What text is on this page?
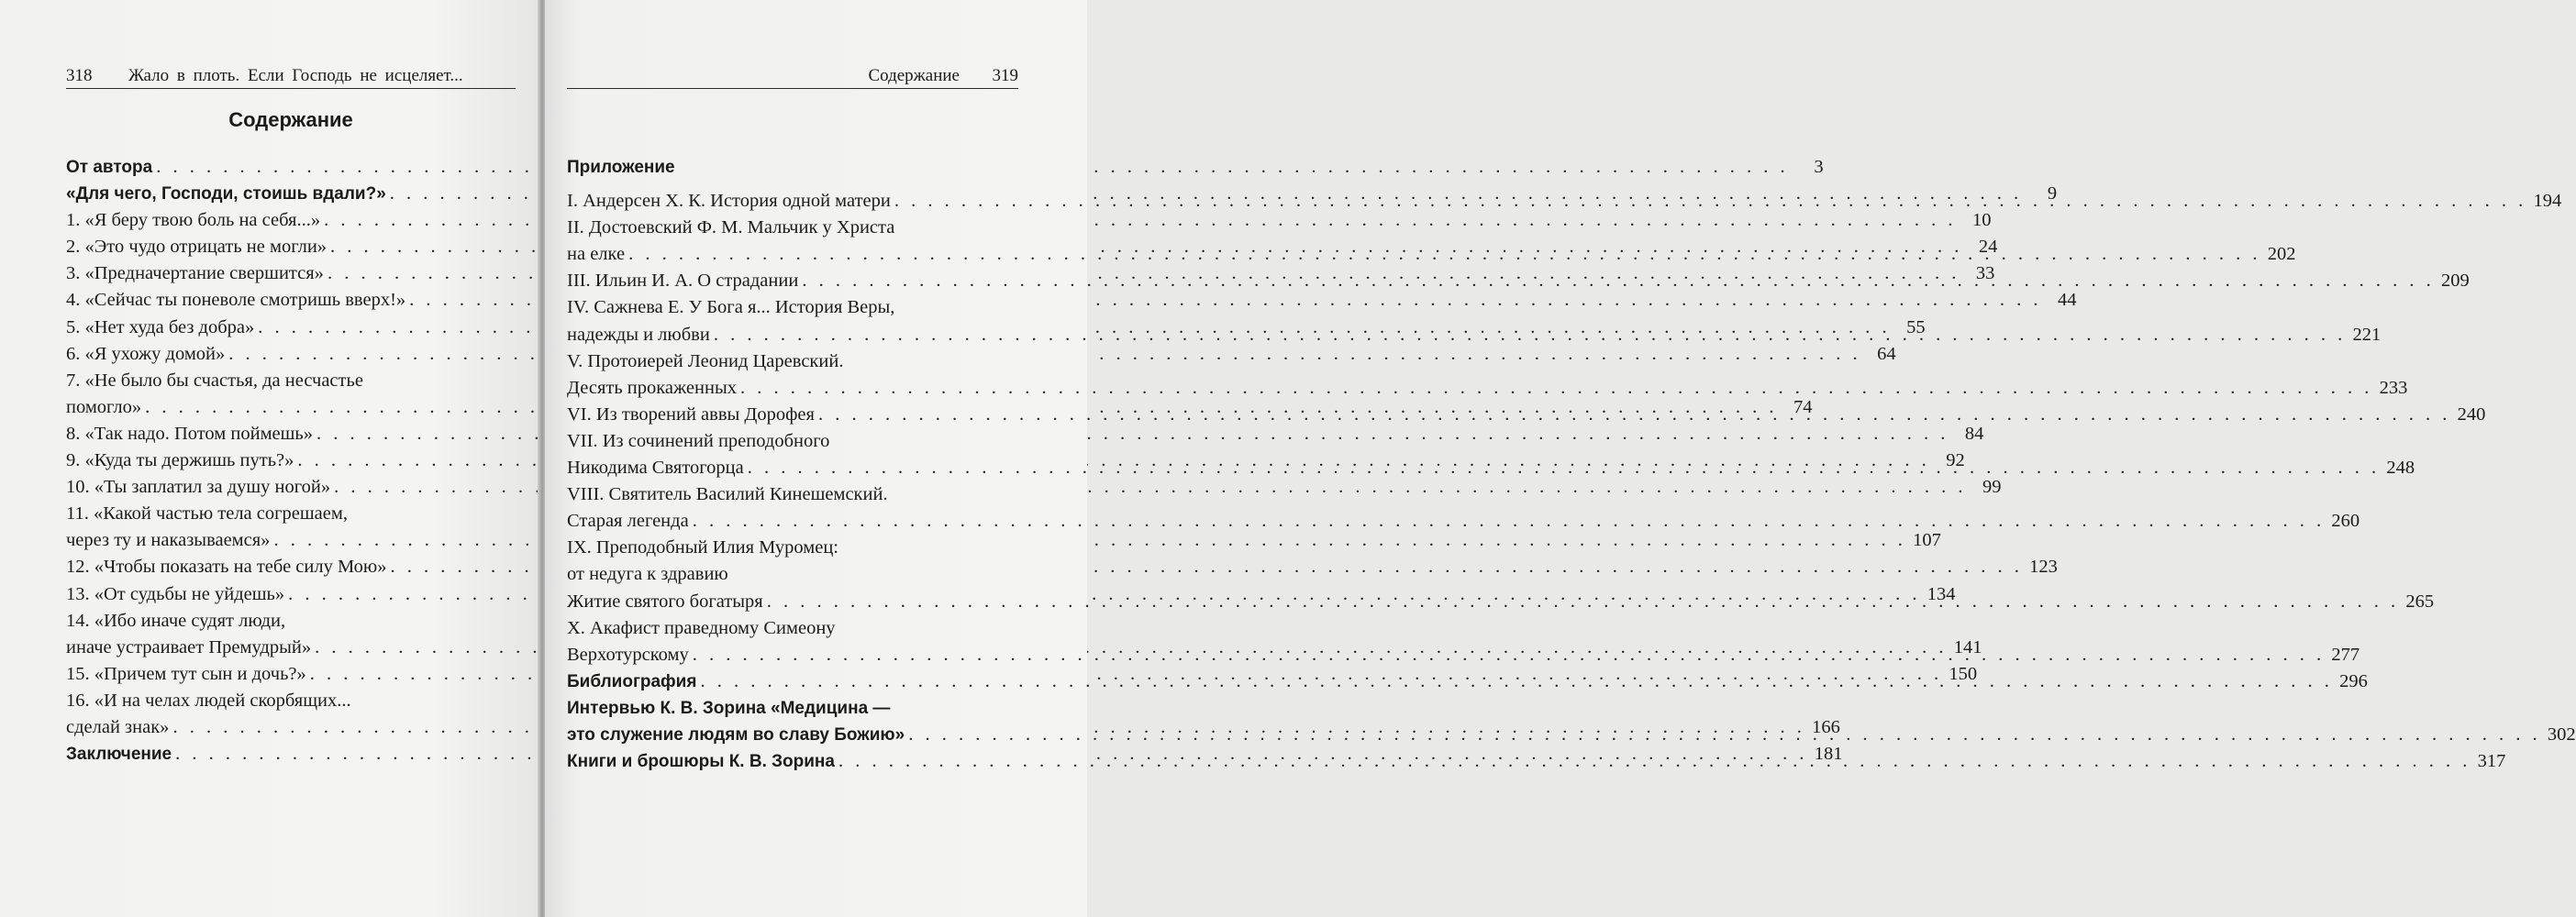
318 Жало в плоть. Если Господь не исцеляет...
Содержание
От автора . . .	3
«Для чего, Господи, стоишь вдали?» . . .	9
1. «Я беру твою боль на себя...» . . .	10
2. «Это чудо отрицать не могли» . . .	24
3. «Предначертание свершится» . . .	33
4. «Сейчас ты поневоле смотришь вверх!» . . .	44
5. «Нет худа без добра» . . .	55
6. «Я ухожу домой» . . .	64
7. «Не было бы счастья, да несчастье
помогло» . . .	74
8. «Так надо. Потом поймешь» . . .	84
9. «Куда ты держишь путь?» . . .	92
10. «Ты заплатил за душу ногой» . . .	99
11. «Какой частью тела согрешаем,
через ту и наказываемся» . . .	107
12. «Чтобы показать на тебе силу Мою» . . .	123
13. «От судьбы не уйдешь» . . .	134
14. «Ибо иначе судят люди,
иначе устраивает Премудрый» . . .	141
15. «Причем тут сын и дочь?» . . .	150
16. «И на челах людей скорбящих...
сделай знак» . . .	166
Заключение . . .	181
Содержание 319
Приложение
I. Андерсен Х. К. История одной матери . . .	194
II. Достоевский Ф. М. Мальчик у Христа
на елке . . .	202
III. Ильин И. А. О страдании . . .	209
IV. Сажнева Е. У Бога я... История Веры,
надежды и любви . . .	221
V. Протоиерей Леонид Царевский.
Десять прокаженных . . .	233
VI. Из творений аввы Дорофея . . .	240
VII. Из сочинений преподобного
Никодима Святогорца . . .	248
VIII. Святитель Василий Кинешемский.
Старая легенда . . .	260
IX. Преподобный Илия Муромец:
от недуга к здравию
Житие святого богатыря . . .	265
X. Акафист праведному Симеону
Верхотурскому . . .	277
Библиография . . .	296
Интервью К. В. Зорина «Медицина —
это служение людям во славу Божию» . . .	302
Книги и брошюры К. В. Зорина . . .	317
